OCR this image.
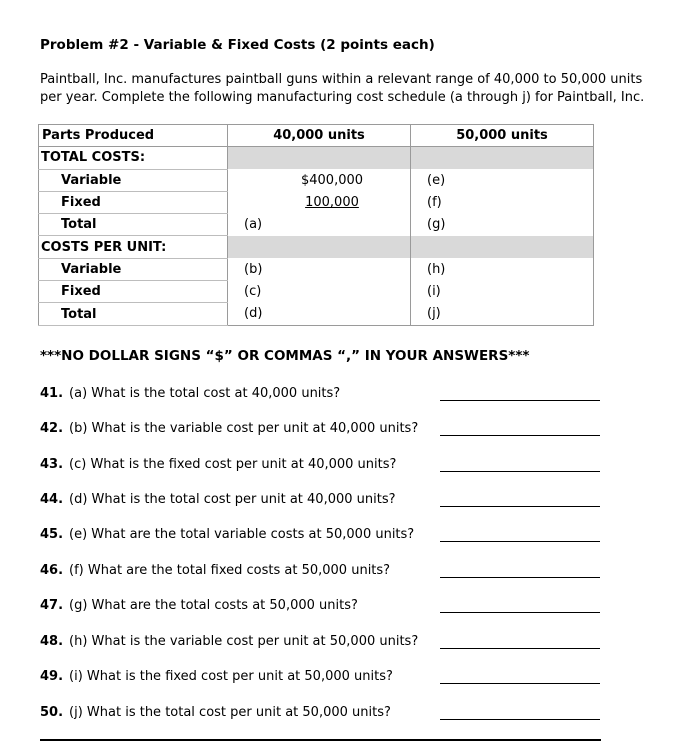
Problem #2 - Variable & Fixed Costs (2 points each)
Paintball, Inc. manufactures paintball guns within a relevant range of 40,000 to 50,000 units per year. Complete the following manufacturing cost schedule (a through j) for Paintball, Inc.
Parts Produced	40,000 units	50,000 units
TOTAL COSTS:		
Variable	$400,000	(e)
Fixed	100,000	(f)
Total	(a)	(g)
COSTS PER UNIT:		
Variable	(b)	(h)
Fixed	(c)	(i)
Total	(d)	(j)
***NO DOLLAR SIGNS “$” OR COMMAS “,” IN YOUR ANSWERS***
41. (a) What is the total cost at 40,000 units?
42. (b) What is the variable cost per unit at 40,000 units?
43. (c) What is the fixed cost per unit at 40,000 units?
44. (d) What is the total cost per unit at 40,000 units?
45. (e) What are the total variable costs at 50,000 units?
46. (f) What are the total fixed costs at 50,000 units?
47. (g) What are the total costs at 50,000 units?
48. (h) What is the variable cost per unit at 50,000 units?
49. (i) What is the fixed cost per unit at 50,000 units?
50. (j) What is the total cost per unit at 50,000 units?
